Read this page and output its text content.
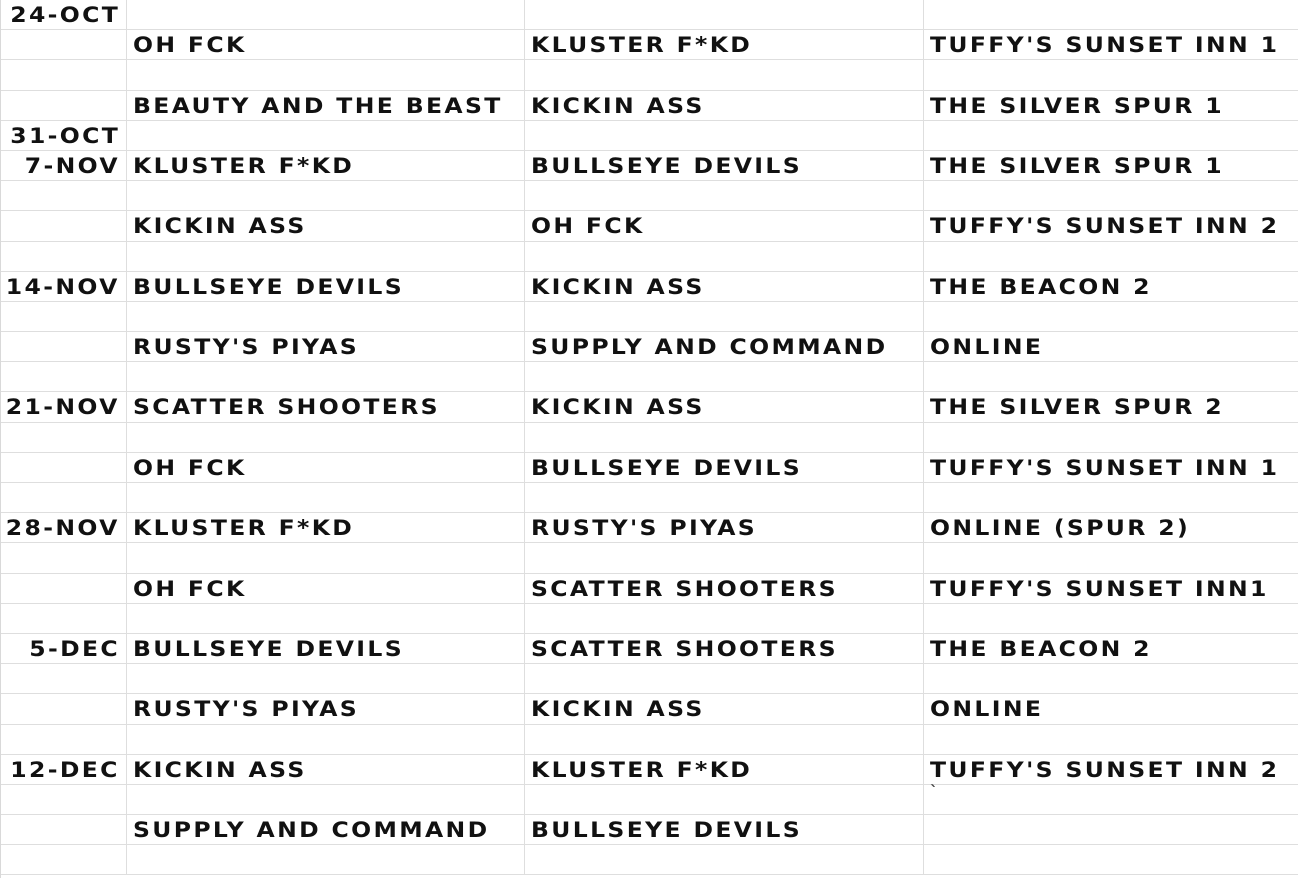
24-OCT
OH FCK	KLUSTER F*KD	TUFFY'S SUNSET INN 1
BEAUTY AND THE BEAST	KICKIN ASS	THE SILVER SPUR 1
31-OCT
7-NOV KLUSTER F*KD	BULLSEYE DEVILS	THE SILVER SPUR 1
KICKIN ASS	OH FCK	TUFFY'S SUNSET INN 2
14-NOV BULLSEYE DEVILS	KICKIN ASS	THE BEACON 2
RUSTY'S PIYAS	SUPPLY AND COMMAND	ONLINE
21-NOV SCATTER SHOOTERS	KICKIN ASS	THE SILVER SPUR 2
OH FCK	BULLSEYE DEVILS	TUFFY'S SUNSET INN 1
28-NOV KLUSTER F*KD	RUSTY'S PIYAS	ONLINE (SPUR 2)
OH FCK	SCATTER SHOOTERS	TUFFY'S SUNSET INN1
5-DEC BULLSEYE DEVILS	SCATTER SHOOTERS	THE BEACON 2
RUSTY'S PIYAS	KICKIN ASS	ONLINE
12-DEC KICKIN ASS	KLUSTER F*KD	TUFFY'S SUNSET INN 2
`
SUPPLY AND COMMAND	BULLSEYE DEVILS
